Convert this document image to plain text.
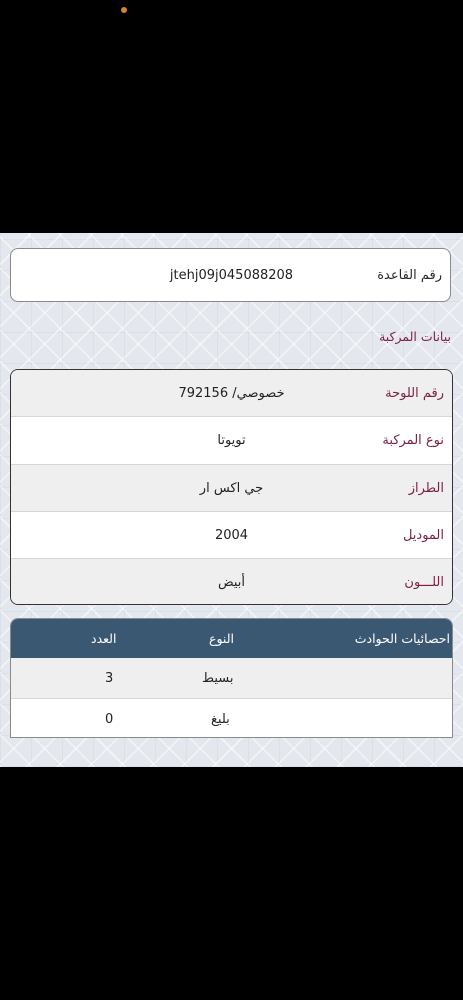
رقم القاعدة
jtehj09j045088208
بيانات المركبة
رقم اللوحة
خصوصي/ 792156
نوع المركبة
تويوتا
الطراز
جي اكس ار
الموديل
2004
اللـــون
أبيض
احصائيات الحوادث
النوع
العدد
بسيط
3
بليغ
0
